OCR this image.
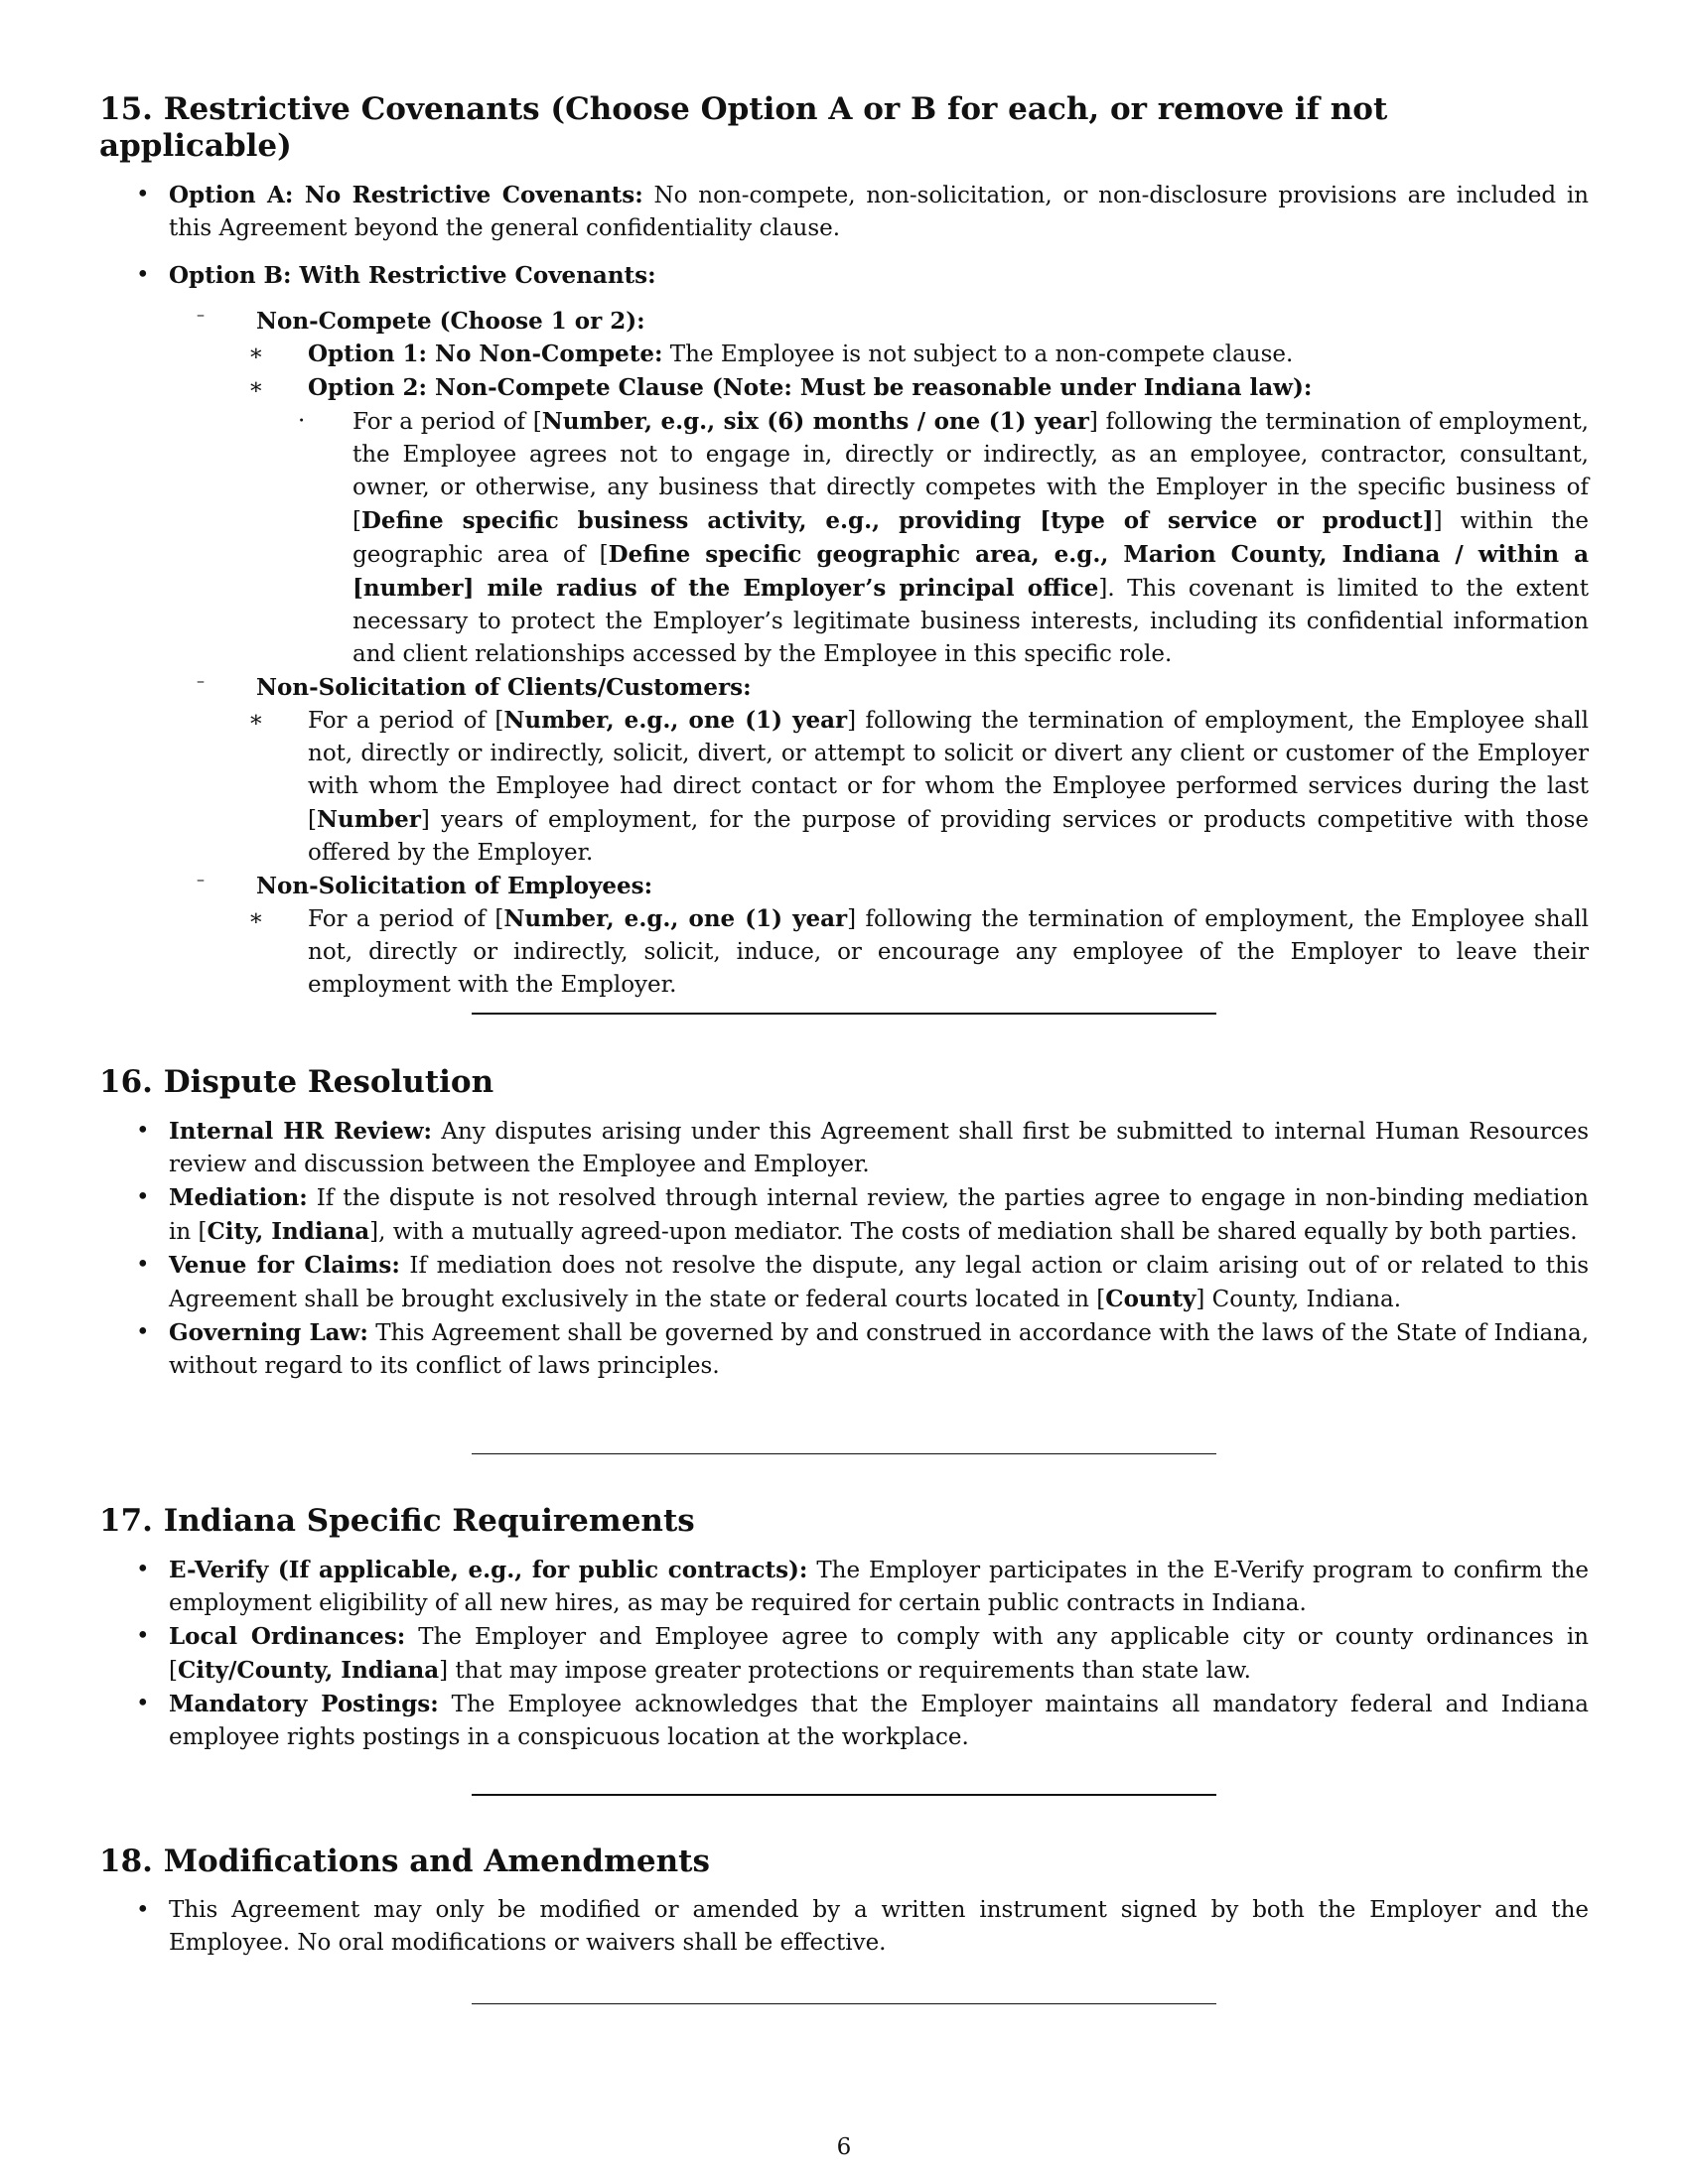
15. Restrictive Covenants (Choose Option A or B for each, or remove if not applicable)
• Option A: No Restrictive Covenants: No non-compete, non-solicitation, or non-disclosure provisions are included in this Agreement beyond the general confidentiality clause.
• Option B: With Restrictive Covenants:
– Non-Compete (Choose 1 or 2):
∗ Option 1: No Non-Compete: The Employee is not subject to a non-compete clause.
∗ Option 2: Non-Compete Clause (Note: Must be reasonable under Indiana law):
· For a period of [Number, e.g., six (6) months / one (1) year] following the termination of employment, the Employee agrees not to engage in, directly or indirectly, as an employee, contractor, consultant, owner, or otherwise, any business that directly competes with the Employer in the specific business of [Define specific business activity, e.g., providing [type of service or product]] within the geographic area of [Define specific geographic area, e.g., Marion County, Indiana / within a [number] mile radius of the Employer’s principal office]. This covenant is limited to the extent necessary to protect the Employer’s legitimate business interests, including its confidential information and client relationships accessed by the Employee in this specific role.
– Non-Solicitation of Clients/Customers:
∗ For a period of [Number, e.g., one (1) year] following the termination of employment, the Employee shall not, directly or indirectly, solicit, divert, or attempt to solicit or divert any client or customer of the Employer with whom the Employee had direct contact or for whom the Employee performed services during the last [Number] years of employment, for the purpose of providing services or products competitive with those offered by the Employer.
– Non-Solicitation of Employees:
∗ For a period of [Number, e.g., one (1) year] following the termination of employment, the Employee shall not, directly or indirectly, solicit, induce, or encourage any employee of the Employer to leave their employment with the Employer.
16. Dispute Resolution
• Internal HR Review: Any disputes arising under this Agreement shall first be submitted to internal Human Resources review and discussion between the Employee and Employer.
• Mediation: If the dispute is not resolved through internal review, the parties agree to engage in non-binding mediation in [City, Indiana], with a mutually agreed-upon mediator. The costs of mediation shall be shared equally by both parties.
• Venue for Claims: If mediation does not resolve the dispute, any legal action or claim arising out of or related to this Agreement shall be brought exclusively in the state or federal courts located in [County] County, Indiana.
• Governing Law: This Agreement shall be governed by and construed in accordance with the laws of the State of Indiana, without regard to its conflict of laws principles.
17. Indiana Specific Requirements
• E-Verify (If applicable, e.g., for public contracts): The Employer participates in the E-Verify program to confirm the employment eligibility of all new hires, as may be required for certain public contracts in Indiana.
• Local Ordinances: The Employer and Employee agree to comply with any applicable city or county ordinances in [City/County, Indiana] that may impose greater protections or requirements than state law.
• Mandatory Postings: The Employee acknowledges that the Employer maintains all mandatory federal and Indiana employee rights postings in a conspicuous location at the workplace.
18. Modifications and Amendments
• This Agreement may only be modified or amended by a written instrument signed by both the Employer and the Employee. No oral modifications or waivers shall be effective.
6
